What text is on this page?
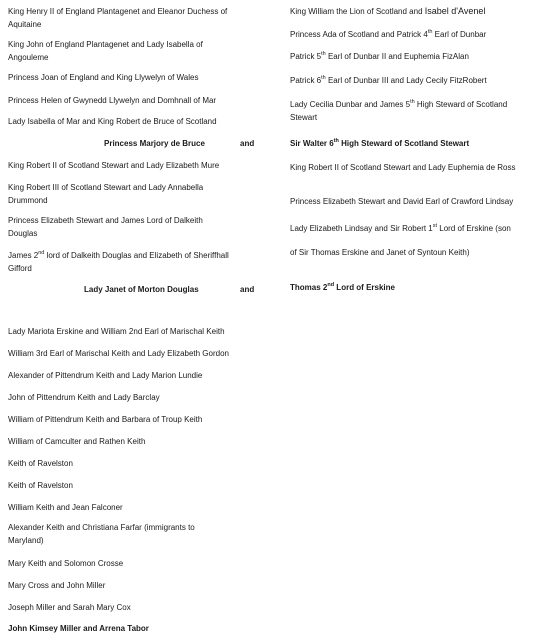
King Henry II of England Plantagenet and Eleanor Duchess of
Aquitaine
King John of England Plantagenet and Lady Isabella of
Angouleme
Princess Joan of England and King Llywelyn of Wales
Princess Helen of Gwynedd Llywelyn and Domhnall of Mar
Lady Isabella of Mar and King Robert de Bruce of Scotland
Princess Marjory de Bruce	and
King Robert II of Scotland Stewart and Lady Elizabeth Mure
King Robert III of Scotland Stewart and Lady Annabella
Drummond
Princess Elizabeth Stewart and James Lord of Dalkeith
Douglas
James 2nd lord of Dalkeith Douglas and Elizabeth of Sheriffhall
Gifford
Lady Janet of Morton Douglas	and
King William the Lion of Scotland and Isabel d'Avenel
Princess Ada of Scotland and Patrick 4th Earl of Dunbar
Patrick 5th Earl of Dunbar II and Euphemia FizAlan
Patrick 6th Earl of Dunbar III and Lady Cecily FitzRobert
Lady Cecilia Dunbar and James 5th High Steward of Scotland
Stewart
Sir Walter 6th High Steward of Scotland Stewart
King Robert II of Scotland Stewart and Lady Euphemia de Ross
Princess Elizabeth Stewart and David Earl of Crawford Lindsay
Lady Elizabeth Lindsay and Sir Robert 1st Lord of Erskine (son
of Sir Thomas Erskine and Janet of Syntoun Keith)
Thomas 2nd Lord of Erskine
Lady Mariota Erskine and William 2nd Earl of Marischal Keith
William 3rd Earl of Marischal Keith and Lady Elizabeth Gordon
Alexander of Pittendrum Keith and Lady Marion Lundie
John of Pittendrum Keith and Lady Barclay
William of Pittendrum Keith and Barbara of Troup Keith
William of Camculter and Rathen Keith
Keith of Ravelston
Keith of Ravelston
William Keith and Jean Falconer
Alexander Keith and Christiana Farfar (immigrants to
Maryland)
Mary Keith and Solomon Crosse
Mary Cross and John Miller
Joseph Miller and Sarah Mary Cox
John Kimsey Miller and Arrena Tabor
